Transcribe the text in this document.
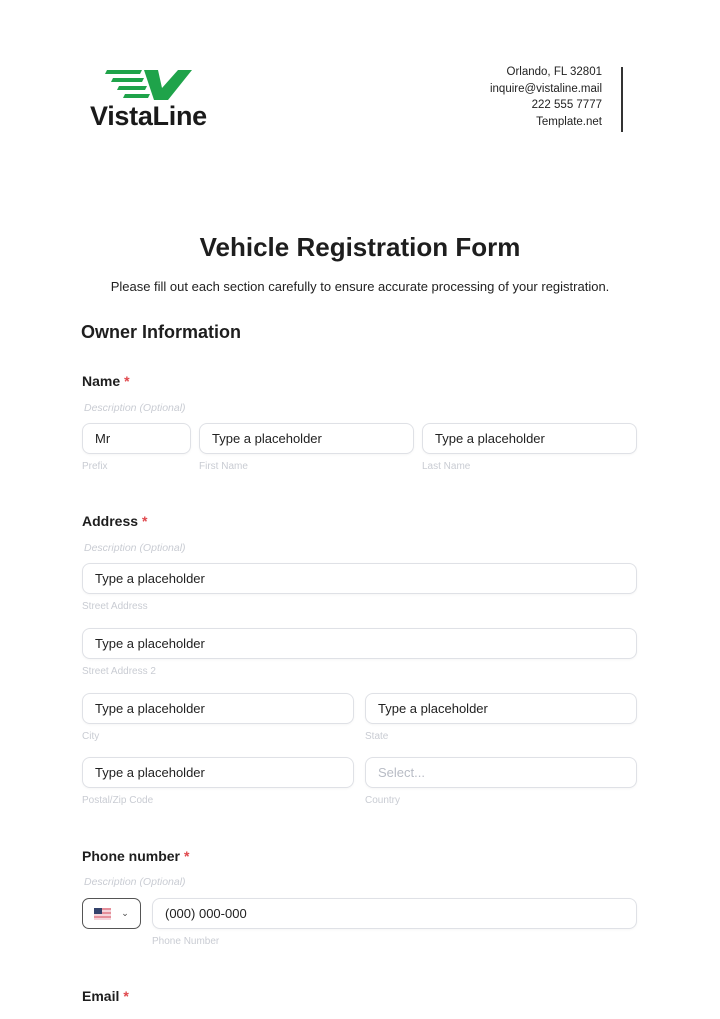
VistaLine
Orlando, FL 32801
inquire@vistaline.mail
222 555 7777
Template.net
Vehicle Registration Form
Please fill out each section carefully to ensure accurate processing of your registration.
Owner Information
Name *
Description (Optional)
Mr
Prefix
Type a placeholder
First Name
Type a placeholder
Last Name
Address *
Description (Optional)
Type a placeholder
Street Address
Type a placeholder
Street Address 2
Type a placeholder
City
Type a placeholder
State
Type a placeholder
Postal/Zip Code
Select...
Country
Phone number *
Description (Optional)
⌄	(000) 000-000
Phone Number
Email *
